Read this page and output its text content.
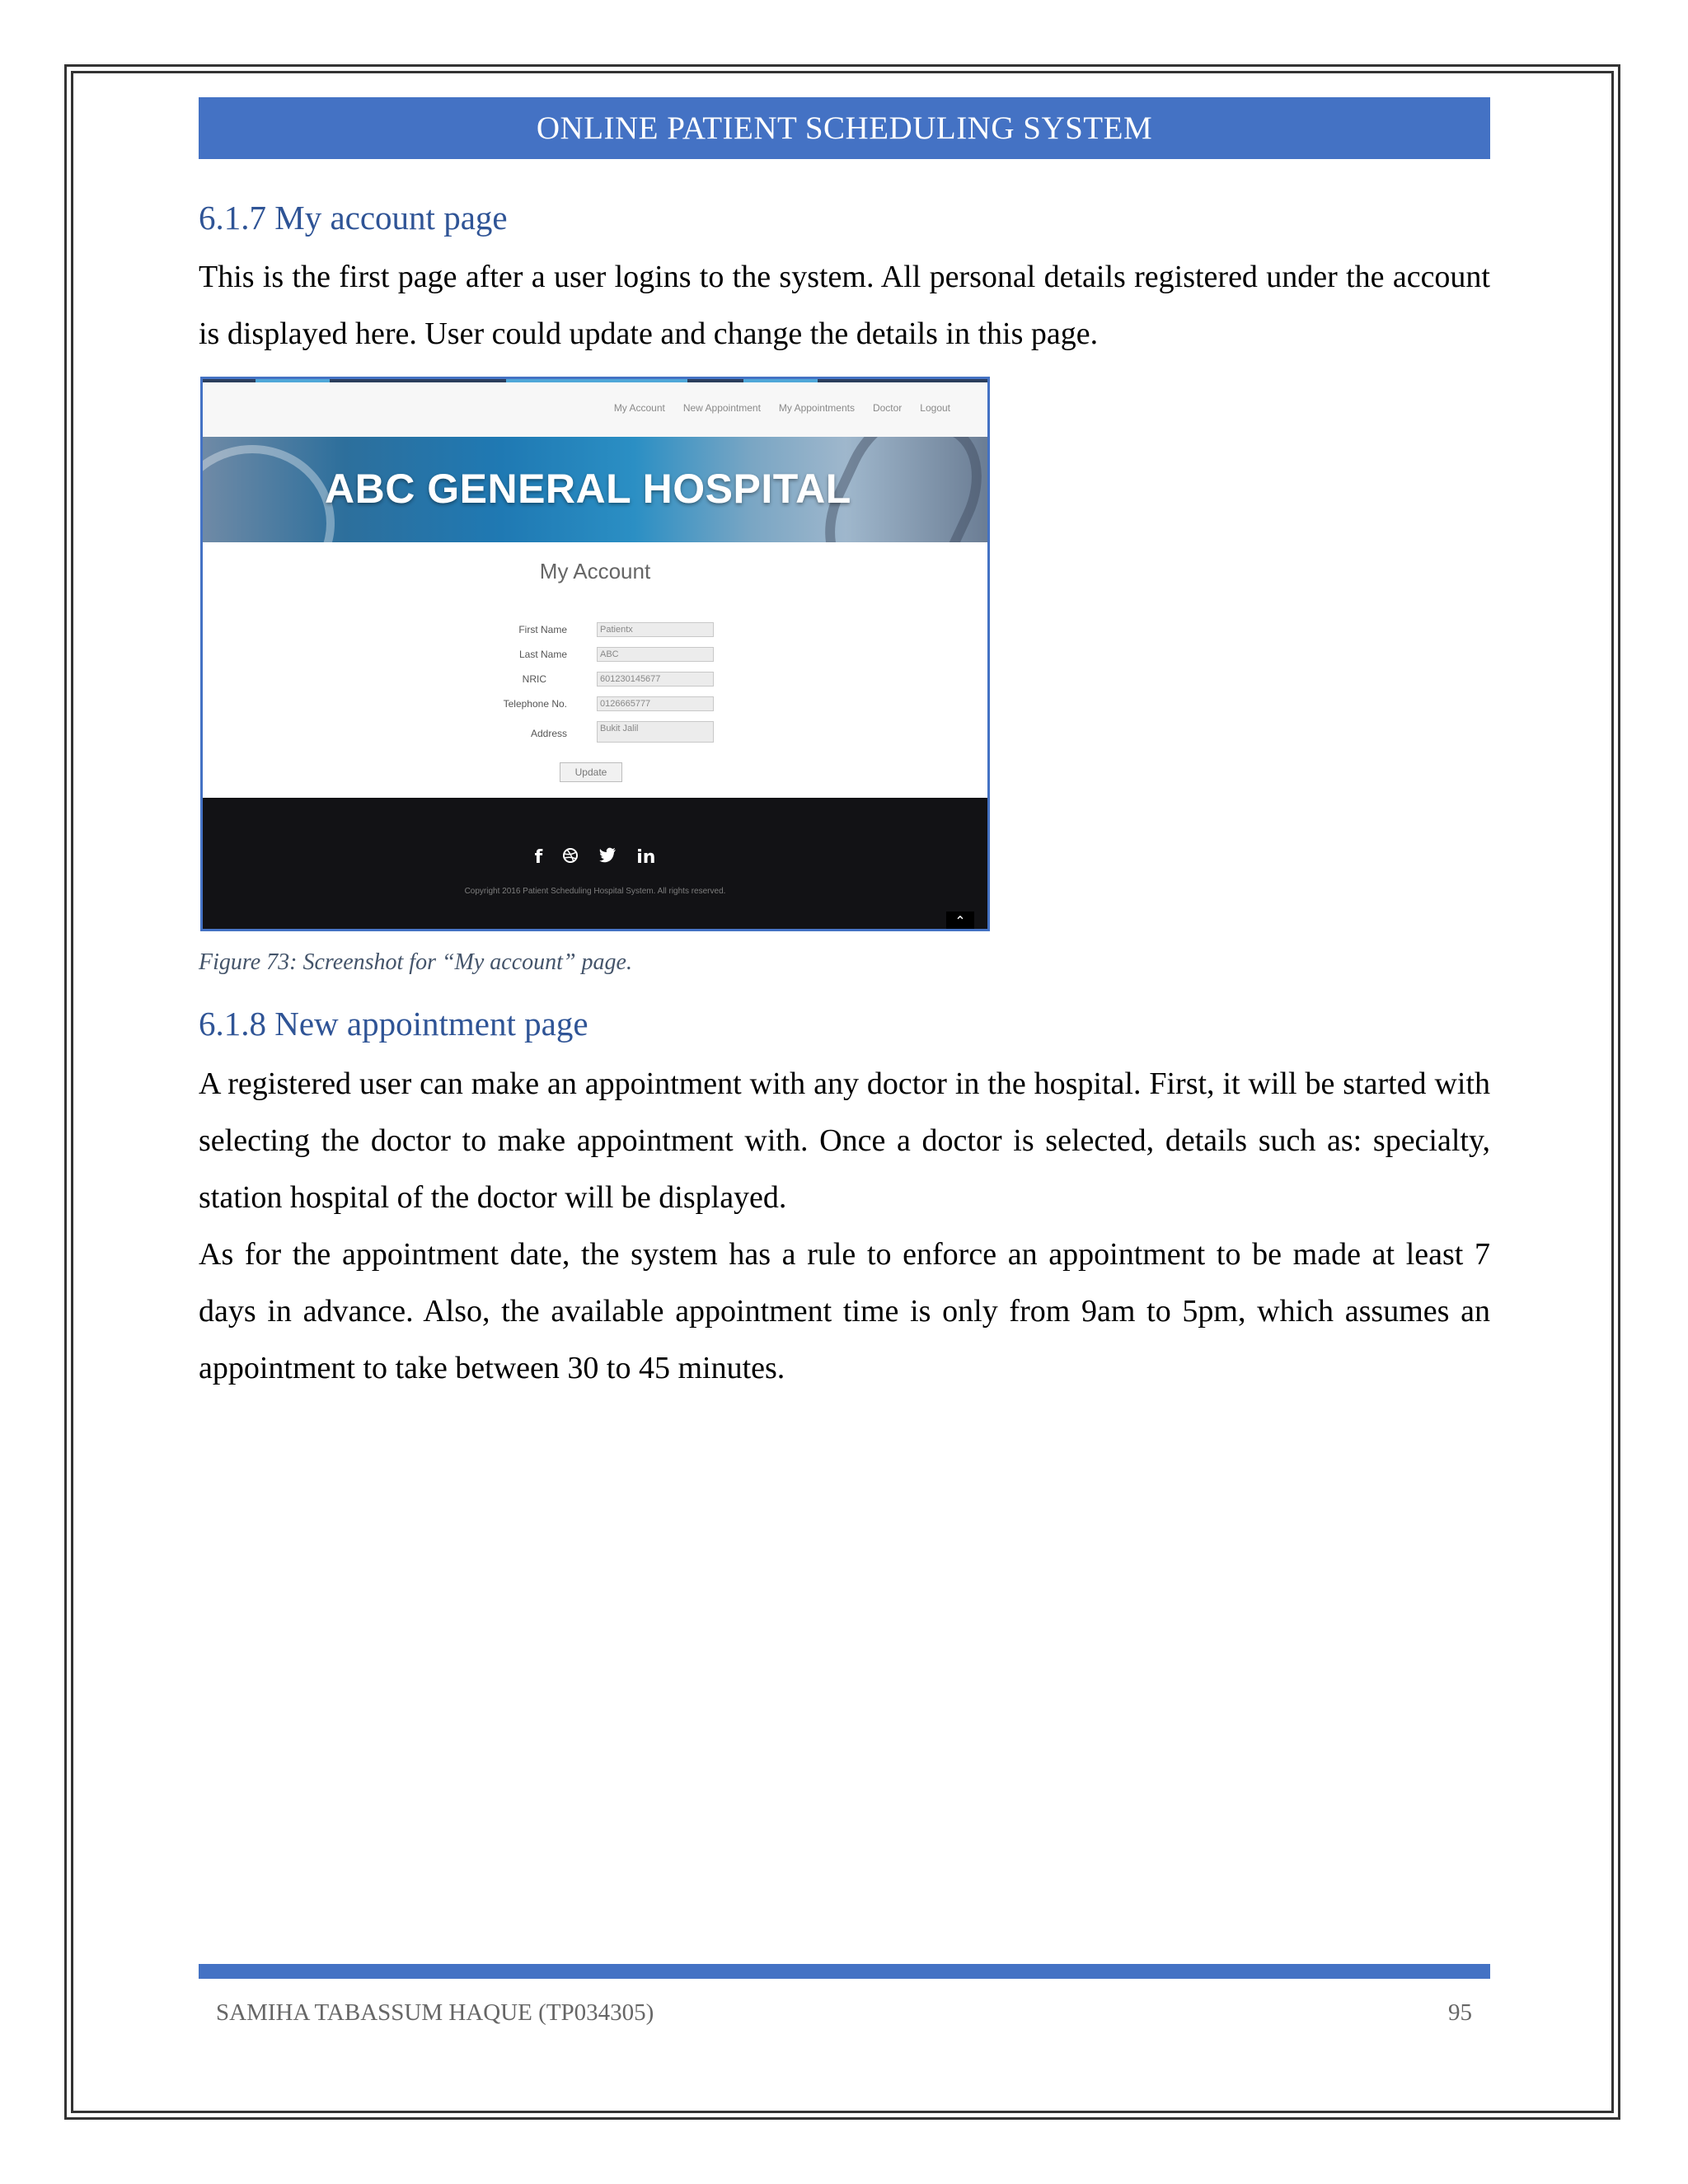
ONLINE PATIENT SCHEDULING SYSTEM
6.1.7 My account page

This is the first page after a user logins to the system. All personal details registered under the account is displayed here. User could update and change the details in this page.

My Account New Appointment My Appointments Doctor Logout
ABC GENERAL HOSPITAL
My Account
First Name	Patientx
Last Name	ABC
NRIC	601230145677
Telephone No.	0126665777
Address	Bukit Jalil
Update
f	in
Copyright 2016 Patient Scheduling Hospital System. All rights reserved.
⌃

Figure 73: Screenshot for “My account” page.

6.1.8 New appointment page

A registered user can make an appointment with any doctor in the hospital. First, it will be started with selecting the doctor to make appointment with. Once a doctor is selected, details such as: specialty, station hospital of the doctor will be displayed.

As for the appointment date, the system has a rule to enforce an appointment to be made at least 7 days in advance. Also, the available appointment time is only from 9am to 5pm, which assumes an appointment to take between 30 to 45 minutes.

SAMIHA TABASSUM HAQUE (TP034305)	95
